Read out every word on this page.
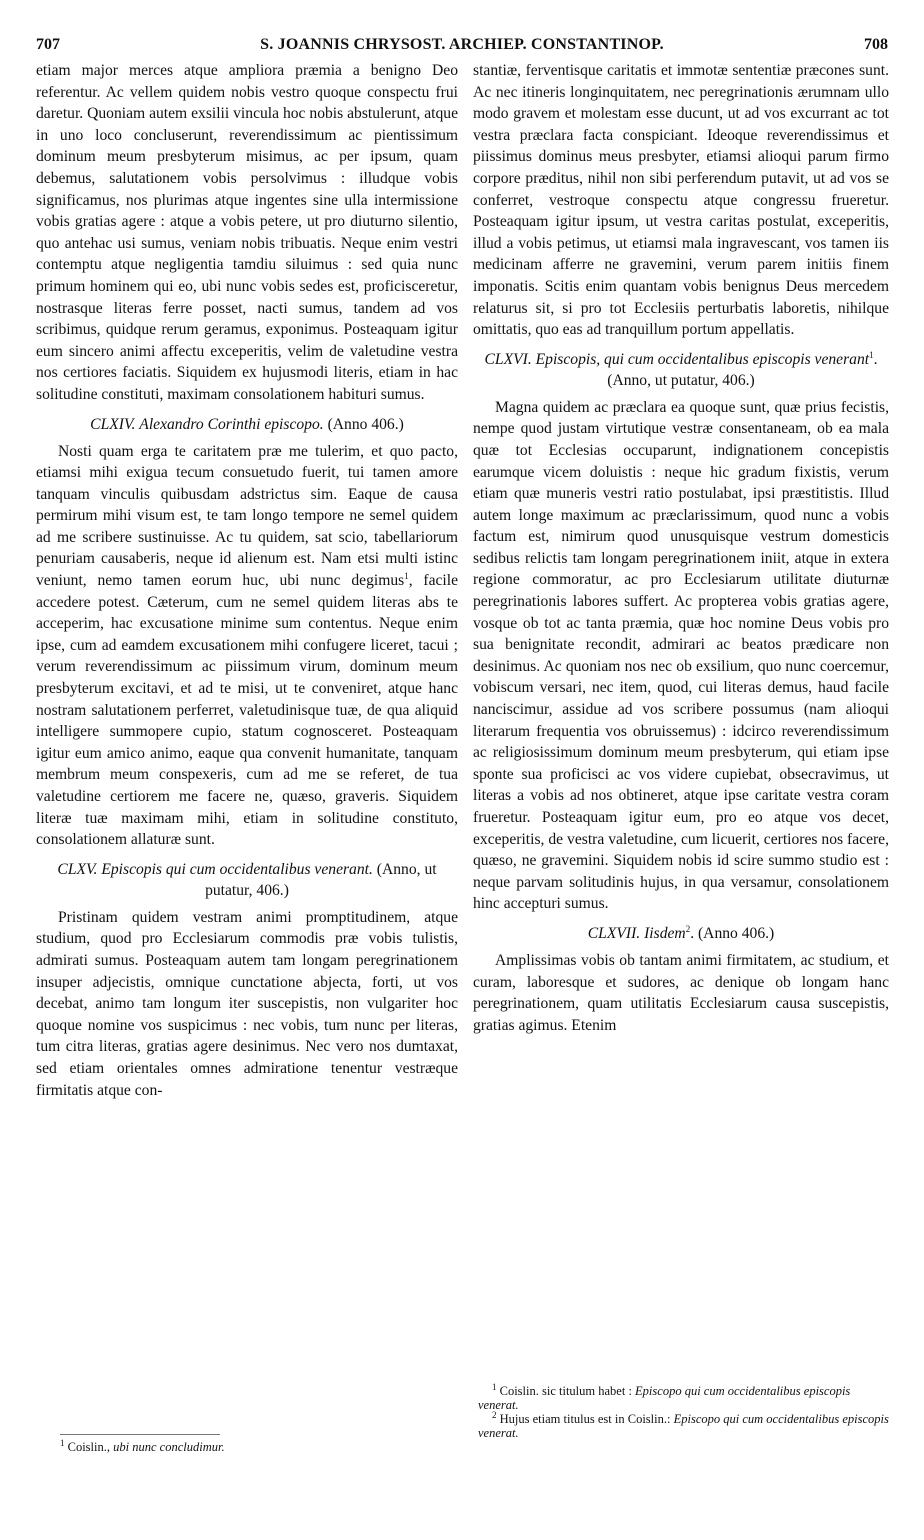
707	S. JOANNIS CHRYSOST. ARCHIEP. CONSTANTINOP.	708

etiam major merces atque ampliora præmia a benigno Deo referentur. Ac vellem quidem nobis vestro quoque conspectu frui daretur. Quoniam autem exsilii vincula hoc nobis abstulerunt, atque in uno loco concluserunt, reverendissimum ac pientissimum dominum meum presbyterum misimus, ac per ipsum, quam debemus, salutationem vobis persolvimus : illudque vobis significamus, nos plurimas atque ingentes sine ulla intermissione vobis gratias agere : atque a vobis petere, ut pro diuturno silentio, quo antehac usi sumus, veniam nobis tribuatis. Neque enim vestri contemptu atque negligentia tamdiu siluimus : sed quia nunc primum hominem qui eo, ubi nunc vobis sedes est, proficisceretur, nostrasque literas ferre posset, nacti sumus, tandem ad vos scribimus, quidque rerum geramus, exponimus. Posteaquam igitur eum sincero animi affectu exceperitis, velim de valetudine vestra nos certiores faciatis. Siquidem ex hujusmodi literis, etiam in hac solitudine constituti, maximam consolationem habituri sumus.

CLXIV. Alexandro Corinthi episcopo. (Anno 406.)

Nosti quam erga te caritatem præ me tulerim, et quo pacto, etiamsi mihi exigua tecum consuetudo fuerit, tui tamen amore tanquam vinculis quibusdam adstrictus sim. Eaque de causa permirum mihi visum est, te tam longo tempore ne semel quidem ad me scribere sustinuisse. Ac tu quidem, sat scio, tabellariorum penuriam causaberis, neque id alienum est. Nam etsi multi istinc veniunt, nemo tamen eorum huc, ubi nunc degimus$^1$, facile accedere potest. Cæterum, cum ne semel quidem literas abs te acceperim, hac excusatione minime sum contentus. Neque enim ipse, cum ad eamdem excusationem mihi confugere liceret, tacui ; verum reverendissimum ac piissimum virum, dominum meum presbyterum excitavi, et ad te misi, ut te conveniret, atque hanc nostram salutationem perferret, valetudinisque tuæ, de qua aliquid intelligere summopere cupio, statum cognosceret. Posteaquam igitur eum amico animo, eaque qua convenit humanitate, tanquam membrum meum conspexeris, cum ad me se referet, de tua valetudine certiorem me facere ne, quæso, graveris. Siquidem literæ tuæ maximam mihi, etiam in solitudine constituto, consolationem allaturæ sunt.

CLXV. Episcopis qui cum occidentalibus venerant. (Anno, ut putatur, 406.)

Pristinam quidem vestram animi promptitudinem, atque studium, quod pro Ecclesiarum commodis præ vobis tulistis, admirati sumus. Posteaquam autem tam longam peregrinationem insuper adjecistis, omnique cunctatione abjecta, forti, ut vos decebat, animo tam longum iter suscepistis, non vulgariter hoc quoque nomine vos suspicimus : nec vobis, tum nunc per literas, tum citra literas, gratias agere desinimus. Nec vero nos dumtaxat, sed etiam orientales omnes admiratione tenentur vestræque firmitatis atque con-

stantiæ, ferventisque caritatis et immotæ sententiæ præcones sunt. Ac nec itineris longinquitatem, nec peregrinationis ærumnam ullo modo gravem et molestam esse ducunt, ut ad vos excurrant ac tot vestra præclara facta conspiciant. Ideoque reverendissimus et piissimus dominus meus presbyter, etiamsi alioqui parum firmo corpore præditus, nihil non sibi perferendum putavit, ut ad vos se conferret, vestroque conspectu atque congressu frueretur. Posteaquam igitur ipsum, ut vestra caritas postulat, exceperitis, illud a vobis petimus, ut etiamsi mala ingravescant, vos tamen iis medicinam afferre ne gravemini, verum parem initiis finem imponatis. Scitis enim quantam vobis benignus Deus mercedem relaturus sit, si pro tot Ecclesiis perturbatis laboretis, nihilque omittatis, quo eas ad tranquillum portum appellatis.

CLXVI. Episcopis, qui cum occidentalibus episcopis venerant$^1$. (Anno, ut putatur, 406.)

Magna quidem ac præclara ea quoque sunt, quæ prius fecistis, nempe quod justam virtutique vestræ consentaneam, ob ea mala quæ tot Ecclesias occuparunt, indignationem concepistis earumque vicem doluistis : neque hic gradum fixistis, verum etiam quæ muneris vestri ratio postulabat, ipsi præstitistis. Illud autem longe maximum ac præclarissimum, quod nunc a vobis factum est, nimirum quod unusquisque vestrum domesticis sedibus relictis tam longam peregrinationem iniit, atque in extera regione commoratur, ac pro Ecclesiarum utilitate diuturnæ peregrinationis labores suffert. Ac propterea vobis gratias agere, vosque ob tot ac tanta præmia, quæ hoc nomine Deus vobis pro sua benignitate recondit, admirari ac beatos prædicare non desinimus. Ac quoniam nos nec ob exsilium, quo nunc coercemur, vobiscum versari, nec item, quod, cui literas demus, haud facile nanciscimur, assidue ad vos scribere possumus (nam alioqui literarum frequentia vos obruissemus) : idcirco reverendissimum ac religiosissimum dominum meum presbyterum, qui etiam ipse sponte sua proficisci ac vos videre cupiebat, obsecravimus, ut literas a vobis ad nos obtineret, atque ipse caritate vestra coram frueretur. Posteaquam igitur eum, pro eo atque vos decet, exceperitis, de vestra valetudine, cum licuerit, certiores nos facere, quæso, ne gravemini. Siquidem nobis id scire summo studio est : neque parvam solitudinis hujus, in qua versamur, consolationem hinc accepturi sumus.

CLXVII. Iisdem$^2$. (Anno 406.)

Amplissimas vobis ob tantam animi firmitatem, ac studium, et curam, laboresque et sudores, ac denique ob longam hanc peregrinationem, quam utilitatis Ecclesiarum causa suscepistis, gratias agimus. Etenim

$^1$ Coislin., ubi nunc concludimur.
$^1$ Coislin. sic titulum habet : Episcopo qui cum occidentalibus episcopis venerat.
$^2$ Hujus etiam titulus est in Coislin.: Episcopo qui cum occidentalibus episcopis venerat.
